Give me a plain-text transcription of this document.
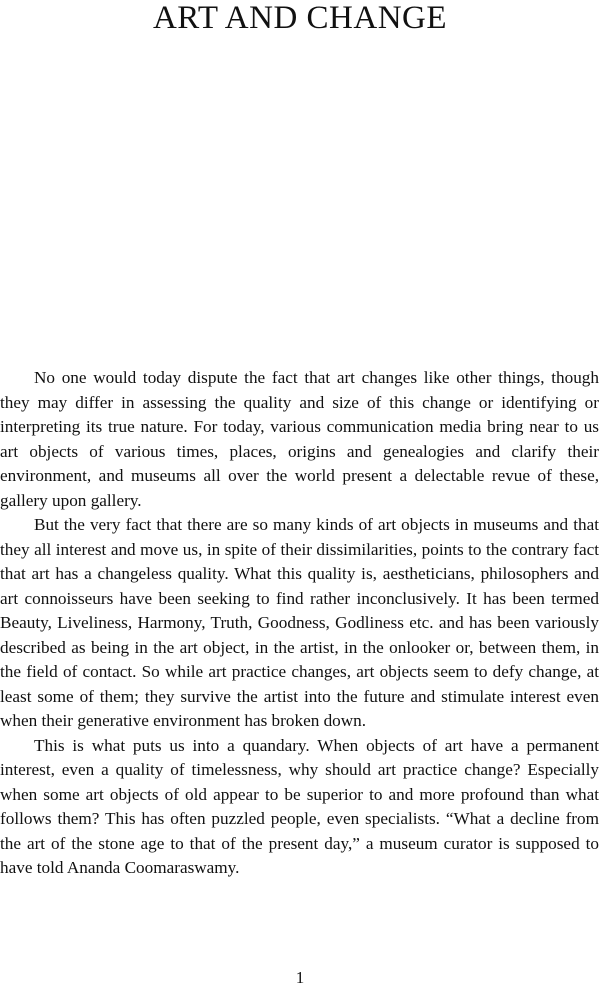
ART AND CHANGE

No one would today dispute the fact that art changes like other things, though they may differ in assessing the quality and size of this change or identifying or interpreting its true nature. For today, various communication media bring near to us art objects of various times, places, origins and genealogies and clarify their environment, and museums all over the world present a delectable revue of these, gallery upon gallery.

But the very fact that there are so many kinds of art objects in museums and that they all interest and move us, in spite of their dissimilarities, points to the contrary fact that art has a changeless quality. What this quality is, aestheticians, philosophers and art connoisseurs have been seeking to find rather inconclusively. It has been termed Beauty, Liveliness, Harmony, Truth, Goodness, Godliness etc. and has been variously described as being in the art object, in the artist, in the onlooker or, between them, in the field of contact. So while art practice changes, art objects seem to defy change, at least some of them; they survive the artist into the future and stimulate interest even when their generative environment has broken down.

This is what puts us into a quandary. When objects of art have a permanent interest, even a quality of timelessness, why should art practice change? Especially when some art objects of old appear to be superior to and more profound than what follows them? This has often puzzled people, even specialists. “What a decline from the art of the stone age to that of the present day,” a museum curator is supposed to have told Ananda Coomaraswamy.

1
